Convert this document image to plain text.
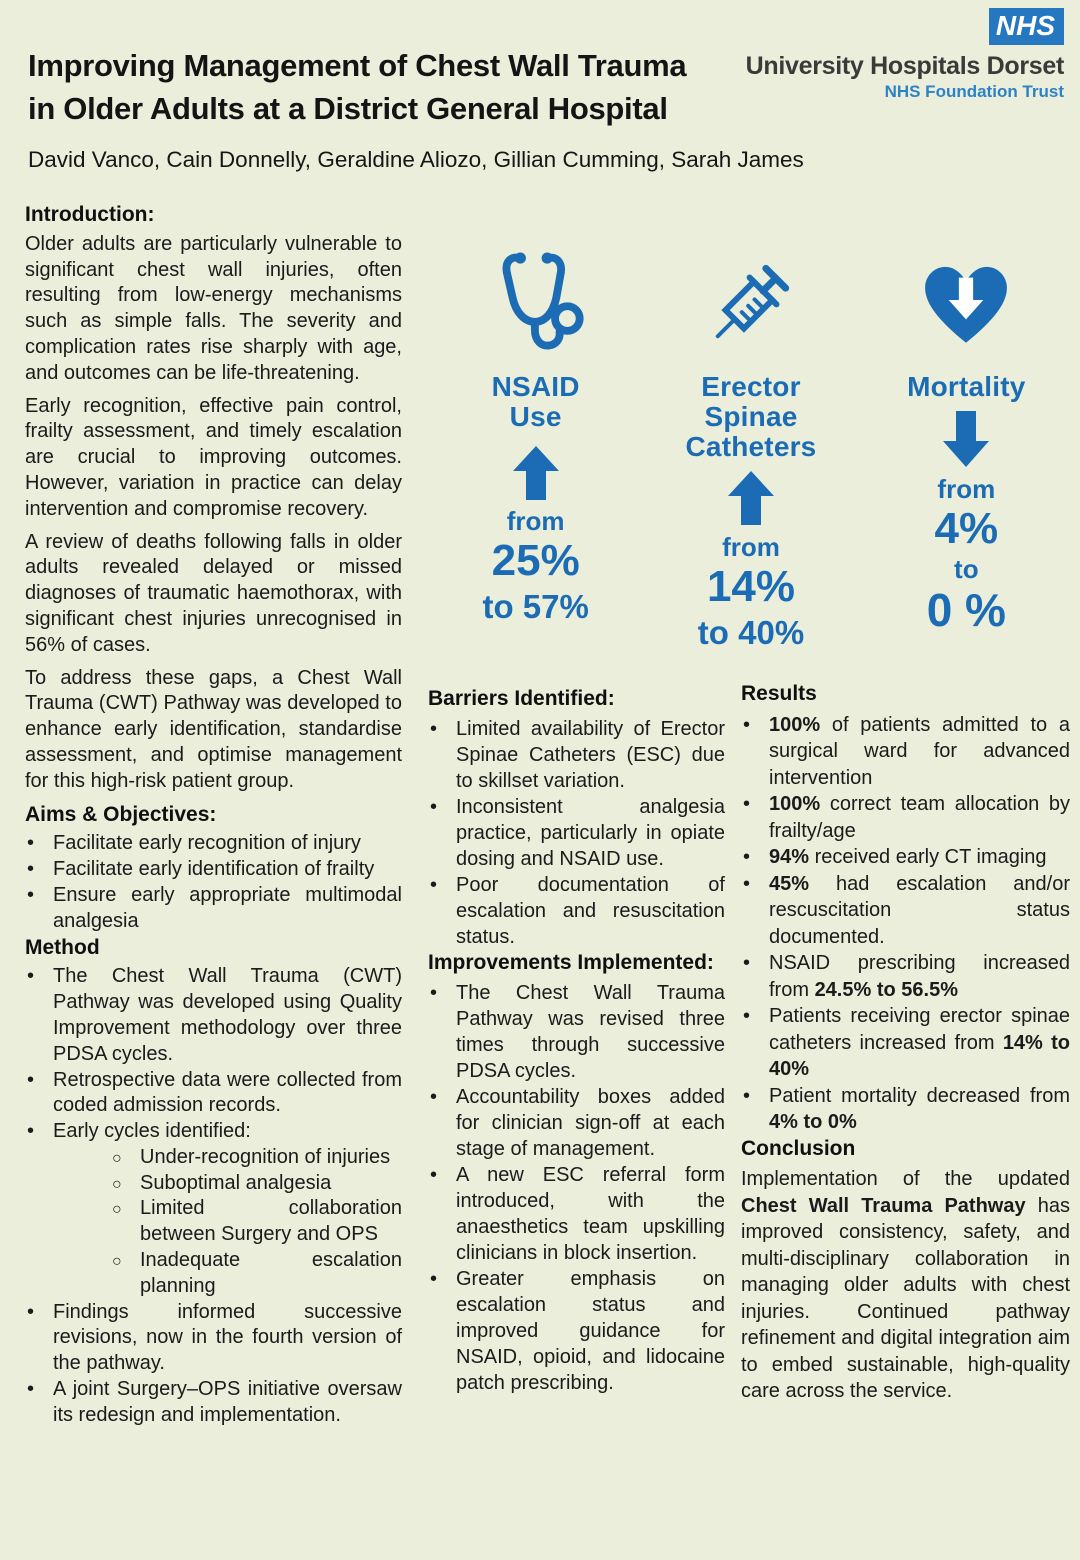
Improving Management of Chest Wall Trauma
in Older Adults at a District General Hospital
David Vanco, Cain Donnelly, Geraldine Aliozo, Gillian Cumming, Sarah James
NHS
University Hospitals Dorset
NHS Foundation Trust
Introduction:

Older adults are particularly vulnerable to significant chest wall injuries, often resulting from low-energy mechanisms such as simple falls. The severity and complication rates rise sharply with age, and outcomes can be life-threatening.

Early recognition, effective pain control, frailty assessment, and timely escalation are crucial to improving outcomes. However, variation in practice can delay intervention and compromise recovery.

A review of deaths following falls in older adults revealed delayed or missed diagnoses of traumatic haemothorax, with significant chest injuries unrecognised in 56% of cases.

To address these gaps, a Chest Wall Trauma (CWT) Pathway was developed to enhance early identification, standardise assessment, and optimise management for this high-risk patient group.

Aims & Objectives:
• Facilitate early recognition of injury
• Facilitate early identification of frailty
• Ensure early appropriate multimodal analgesia
Method
• The Chest Wall Trauma (CWT) Pathway was developed using Quality Improvement methodology over three PDSA cycles.
• Retrospective data were collected from coded admission records.
• Early cycles identified:
○ Under-recognition of injuries
○ Suboptimal analgesia
○ Limited collaboration between Surgery and OPS
○ Inadequate escalation planning
• Findings informed successive revisions, now in the fourth version of the pathway.
• A joint Surgery–OPS initiative oversaw its redesign and implementation.
NSAID
Use
from
25%
to 57%
Erector
Spinae
Catheters
from
14%
to 40%
Mortality
from
4%
to
0 %
Barriers Identified:
• Limited availability of Erector Spinae Catheters (ESC) due to skillset variation.
• Inconsistent analgesia practice, particularly in opiate dosing and NSAID use.
• Poor documentation of escalation and resuscitation status.
Improvements Implemented:
• The Chest Wall Trauma Pathway was revised three times through successive PDSA cycles.
• Accountability boxes added for clinician sign-off at each stage of management.
• A new ESC referral form introduced, with the anaesthetics team upskilling clinicians in block insertion.
• Greater emphasis on escalation status and improved guidance for NSAID, opioid, and lidocaine patch prescribing.
Results
• 100% of patients admitted to a surgical ward for advanced intervention
• 100% correct team allocation by frailty/age
• 94% received early CT imaging
• 45% had escalation and/or rescuscitation status documented.
• NSAID prescribing increased from 24.5% to 56.5%
• Patients receiving erector spinae catheters increased from 14% to 40%
• Patient mortality decreased from 4% to 0%
Conclusion

Implementation of the updated Chest Wall Trauma Pathway has improved consistency, safety, and multi-disciplinary collaboration in managing older adults with chest injuries. Continued pathway refinement and digital integration aim to embed sustainable, high-quality care across the service.
